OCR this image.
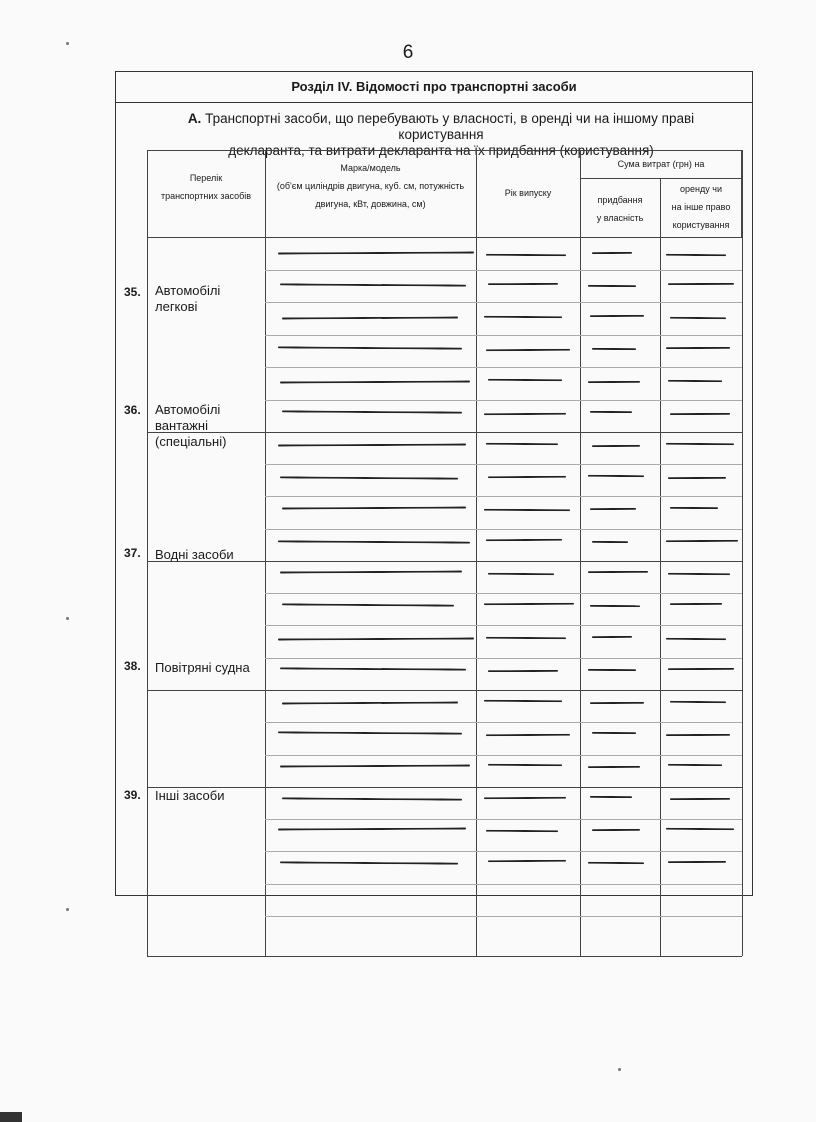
6
Розділ IV. Відомості про транспортні засоби
А. Транспортні засоби, що перебувають у власності, в оренді чи на іншому праві користування
декларанта, та витрати декларанта на їх придбання (користування)
Перелік
транспортних засобів
Марка/модель
(об'єм циліндрів двигуна, куб. см, потужність
двигуна, кВт, довжина, см)
Рік випуску
Сума витрат (грн) на
придбання
у власність
оренду чи
на інше право
користування
Автомобілі
легкові
Автомобілі
вантажні
(спеціальні)
Водні засоби
Повітряні судна
Інші засоби
35.
36.
37.
38.
39.
